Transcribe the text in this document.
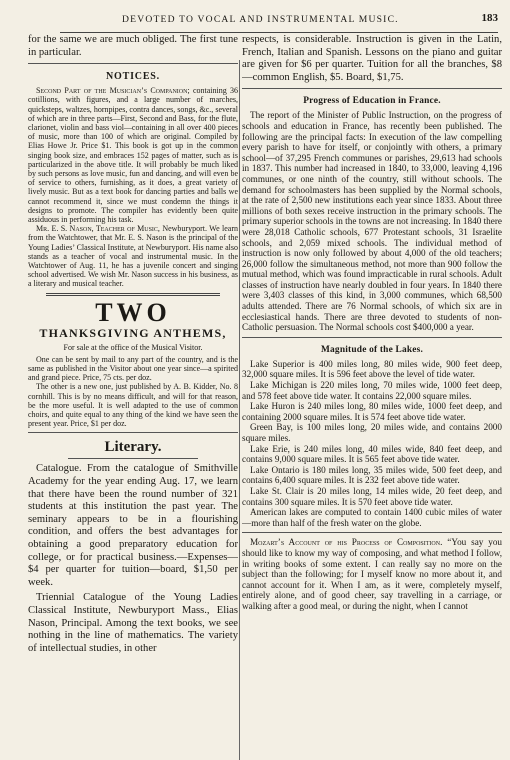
DEVOTED TO VOCAL AND INSTRUMENTAL MUSIC.	183

for the same we are much obliged. The first tune in particular.

NOTICES.

Second Part of the Musician’s Companion; containing 36 cotillions, with figures, and a large number of marches, quicksteps, waltzes, hornpipes, contra dances, songs, &c., several of which are in three parts—First, Second and Bass, for the flute, clarionet, violin and bass viol—containing in all over 400 pieces of music, more than 100 of which are original. Compiled by Elias Howe Jr. Price $1. This book is got up in the common singing book size, and embraces 152 pages of matter, such as is particularized in the above title. It will probably be much liked by such persons as love music, fun and dancing, and will even be of service to others, furnishing, as it does, a great variety of lively music. But as a text book for dancing parties and balls we cannot recommend it, since we must condemn the things it designs to promote. The compiler has evidently been quite assiduous in performing his task.

Mr. E. S. Nason, Teacher of Music, Newburyport. We learn from the Watchtower, that Mr. E. S. Nason is the principal of the Young Ladies’ Classical Institute, at Newburyport. His name also stands as a teacher of vocal and instrumental music. In the Watchtower of Aug. 11, he has a juvenile concert and singing school advertised. We wish Mr. Nason success in his business, as a literary and musical teacher.

TWO
THANKSGIVING ANTHEMS,

For sale at the office of the Musical Visitor.

One can be sent by mail to any part of the country, and is the same as published in the Visitor about one year since—a spirited and grand piece. Price, 75 cts. per doz.

The other is a new one, just published by A. B. Kidder, No. 8 cornhill. This is by no means difficult, and will for that reason, be the more useful. It is well adapted to the use of common choirs, and quite equal to any thing of the kind we have seen the present year. Price, $1 per doz.

Literary.

Catalogue. From the catalogue of Smithville Academy for the year ending Aug. 17, we learn that there have been the round number of 321 students at this institution the past year. The seminary appears to be in a flourishing condition, and offers the best advantages for obtaining a good preparatory education for college, or for practical business.—Expenses—$4 per quarter for tuition—board, $1,50 per week.

Triennial Catalogue of the Young Ladies Classical Institute, Newburyport Mass., Elias Nason, Principal. Among the text books, we see nothing in the line of mathematics. The variety of intellectual studies, in other

respects, is considerable. Instruction is given in the Latin, French, Italian and Spanish. Lessons on the piano and guitar are given for $6 per quarter. Tuition for all the branches, $8—common English, $5. Board, $1,75.

Progress of Education in France.

The report of the Minister of Public Instruction, on the progress of schools and education in France, has recently been published. The following are the principal facts: In execution of the law compelling every parish to have for itself, or conjointly with others, a primary school—of 37,295 French communes or parishes, 29,613 had schools in 1837. This number had increased in 1840, to 33,000, leaving 4,196 communes, or one ninth of the country, still without schools. The demand for schoolmasters has been supplied by the Normal schools, at the rate of 2,500 new institutions each year since 1833. About three millions of both sexes receive instruction in the primary schools. The primary superior schools in the towns are not increasing. In 1840 there were 28,018 Catholic schools, 677 Protestant schools, 31 Israelite schools, and 2,059 mixed schools. The individual method of instruction is now only followed by about 4,000 of the old teachers; 26,000 follow the simultaneous method, not more than 900 follow the mutual method, which was found impracticable in rural schools. Adult classes of instruction have nearly doubled in four years. In 1840 there were 3,403 classes of this kind, in 3,000 communes, which 68,500 adults attended. There are 76 Normal schools, of which six are in ecclesiastical hands. There are three devoted to students of non-Catholic persuasion. The Normal schools cost $400,000 a year.

Magnitude of the Lakes.

Lake Superior is 400 miles long, 80 miles wide, 900 feet deep, 32,000 square miles. It is 596 feet above the level of tide water.

Lake Michigan is 220 miles long, 70 miles wide, 1000 feet deep, and 578 feet above tide water. It contains 22,000 square miles.

Lake Huron is 240 miles long, 80 miles wide, 1000 feet deep, and containing 2000 square miles. It is 574 feet above tide water.

Green Bay, is 100 miles long, 20 miles wide, and contains 2000 square miles.

Lake Erie, is 240 miles long, 40 miles wide, 840 feet deep, and contains 9,000 square miles. It is 565 feet above tide water.

Lake Ontario is 180 miles long, 35 miles wide, 500 feet deep, and contains 6,400 square miles. It is 232 feet above tide water.

Lake St. Clair is 20 miles long, 14 miles wide, 20 feet deep, and contains 300 square miles. It is 570 feet above tide water.

American lakes are computed to contain 1400 cubic miles of water—more than half of the fresh water on the globe.

Mozart’s Account of his Process of Composition. “You say you should like to know my way of composing, and what method I follow, in writing books of some extent. I can really say no more on the subject than the following; for I myself know no more about it, and cannot account for it. When I am, as it were, completely myself, entirely alone, and of good cheer, say travelling in a carriage, or walking after a good meal, or during the night, when I cannot
